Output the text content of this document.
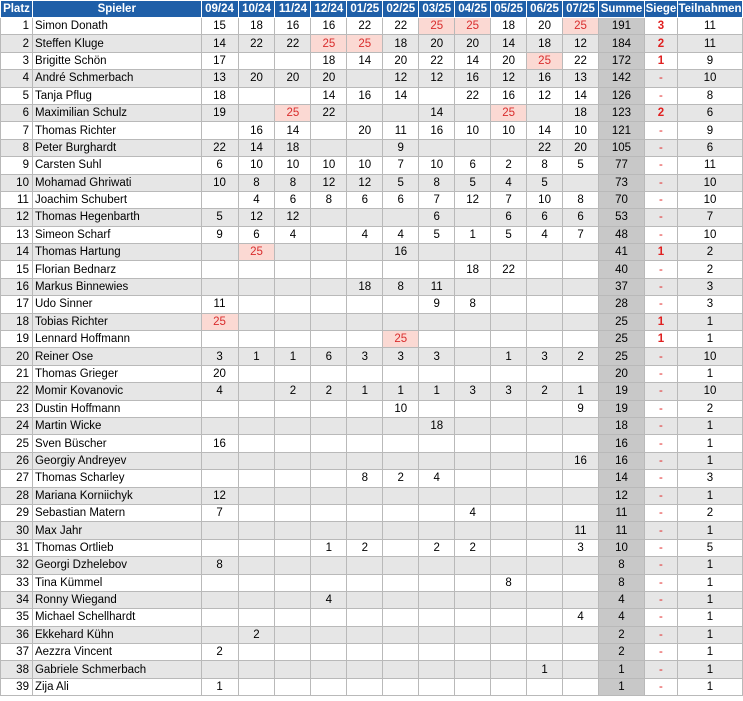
Platz	Spieler	09/24	10/24	11/24	12/24	01/25	02/25	03/25	04/25	05/25	06/25	07/25	Summe	Siege	Teilnahmen
1	Simon Donath	15	18	16	16	22	22	25	25	18	20	25	191	3	11
2	Steffen Kluge	14	22	22	25	25	18	20	20	14	18	12	184	2	11
3	Brigitte Schön	17			18	14	20	22	14	20	25	22	172	1	9
4	André Schmerbach	13	20	20	20		12	12	16	12	16	13	142	-	10
5	Tanja Pflug	18			14	16	14		22	16	12	14	126	-	8
6	Maximilian Schulz	19		25	22			14		25		18	123	2	6
7	Thomas Richter		16	14		20	11	16	10	10	14	10	121	-	9
8	Peter Burghardt	22	14	18			9				22	20	105	-	6
9	Carsten Suhl	6	10	10	10	10	7	10	6	2	8	5	77	-	11
10	Mohamad Ghriwati	10	8	8	12	12	5	8	5	4	5		73	-	10
11	Joachim Schubert		4	6	8	6	6	7	12	7	10	8	70	-	10
12	Thomas Hegenbarth	5	12	12				6		6	6	6	53	-	7
13	Simeon Scharf	9	6	4		4	4	5	1	5	4	7	48	-	10
14	Thomas Hartung		25				16						41	1	2
15	Florian Bednarz								18	22			40	-	2
16	Markus Binnewies					18	8	11					37	-	3
17	Udo Sinner	11						9	8				28	-	3
18	Tobias Richter	25											25	1	1
19	Lennard Hoffmann						25						25	1	1
20	Reiner Ose	3	1	1	6	3	3	3		1	3	2	25	-	10
21	Thomas Grieger	20											20	-	1
22	Momir Kovanovic	4		2	2	1	1	1	3	3	2	1	19	-	10
23	Dustin Hoffmann						10					9	19	-	2
24	Martin Wicke							18					18	-	1
25	Sven Büscher	16											16	-	1
26	Georgiy Andreyev											16	16	-	1
27	Thomas Scharley					8	2	4					14	-	3
28	Mariana Korniichyk	12											12	-	1
29	Sebastian Matern	7							4				11	-	2
30	Max Jahr											11	11	-	1
31	Thomas Ortlieb				1	2		2	2			3	10	-	5
32	Georgi Dzhelebov	8											8	-	1
33	Tina Kümmel									8			8	-	1
34	Ronny Wiegand				4								4	-	1
35	Michael Schellhardt											4	4	-	1
36	Ekkehard Kühn		2										2	-	1
37	Aezzra Vincent	2											2	-	1
38	Gabriele Schmerbach										1		1	-	1
39	Zija Ali	1											1	-	1
